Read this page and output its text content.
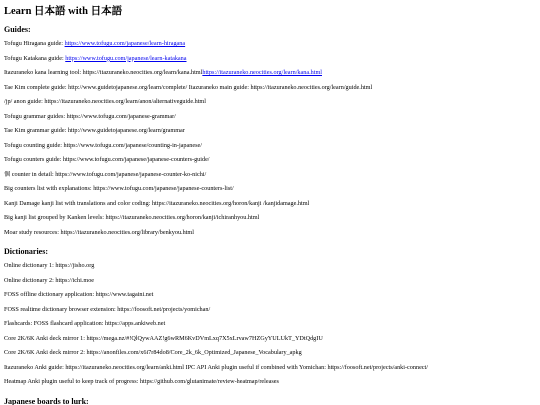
Learn 日本語 with 日本語
Guides:
Tofugu Hiragana guide: https://www.tofugu.com/japanese/learn-hiragana
Tofugu Katakana guide: https://www.tofugu.com/japanese/learn-katakana
Itazuraneko kana learning tool: https://itazuraneko.neocities.org/learn/kana.htmlhttps://itazuraneko.neocities.org/learn/kana.html
Tae Kim complete guide: http://www.guidetojapanese.org/learn/complete/ Itazuraneko main guide: https://itazuraneko.neocities.org/learn/guide.html
/jp/ anon guide: https://itazuraneko.neocities.org/learn/anon/alternativeguide.html
Tofugu grammar guides: https://www.tofugu.com/japanese-grammar/
Tae Kim grammar guide: http://www.guidetojapanese.org/learn/grammar
Tofugu counting guide: https://www.tofugu.com/japanese/counting-in-japanese/
Tofugu counters guide: https://www.tofugu.com/japanese/japanese-counters-guide/
個 counter in detail: https://www.tofugu.com/japanese/japanese-counter-ko-nichi/
Big counters list with explanations: https://www.tofugu.com/japanese/japanese-counters-list/
Kanji Damage kanji list with translations and color coding: https://itazuraneko.neocities.org/horon/kanji /kanjidamage.html
Big kanji list grouped by Kanken levels: https://itazuraneko.neocities.org/horon/kanji/ichiranhyou.html
Moar study resources: https://itazuraneko.neocities.org/library/benkyou.html
Dictionaries:
Online dictionary 1: https://jisho.org
Online dictionary 2: https://ichi.moe
FOSS offline dictionary application: https://www.tagaini.net
FOSS realtime dictionary browser extension: https://foosoft.net/projects/yomichan/
Flashcards: FOSS flashcard application: https://apps.ankiweb.net
Core 2K/6K Anki deck mirror 1: https://mega.nz/#!QlQywAAZ!g6wRM6KvDVmLxq7X5xLrvaw7HZGyYULUkT_YDtQdgIU
Core 2K/6K Anki deck mirror 2: https://anonfiles.com/x6i7r84do8/Core_2k_6k_Optimized_Japanese_Vocabulary_apkg
Itazuraneko Anki guide: https://itazuraneko.neocities.org/learn/anki.html IPC API Anki plugin useful if combined with Yomichan: https://foosoft.net/projects/anki-connect/
Heatmap Anki plugin useful to keep track of progress: https://github.com/glutanimate/review-heatmap/releases
Japanese boards to lurk:
